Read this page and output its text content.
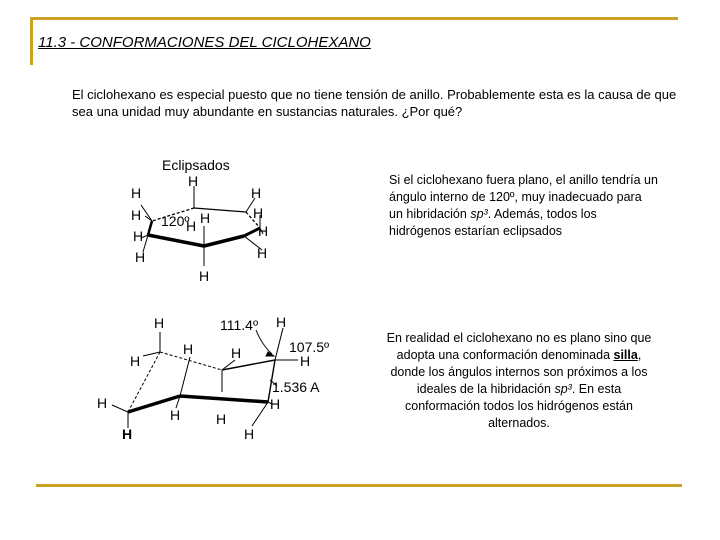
11.3 - CONFORMACIONES DEL CICLOHEXANO
El ciclohexano es especial puesto que no tiene tensión de anillo. Probablemente esta es la causa de que sea una unidad muy abundante en sustancias naturales. ¿Por qué?
Si el ciclohexano fuera plano, el anillo tendría un ángulo interno de 120º, muy inadecuado para un hibridación sp³. Además, todos los hidrógenos estarían eclipsados
En realidad el ciclohexano no es plano sino que adopta una conformación denominada silla, donde los ángulos internos son próximos a los ideales de la hibridación sp³. En esta conformación todos los hidrógenos están alternados.
Eclipsados
H
H	H
H	H
H	H
H	H
H
H
H
120º
H
H	H
H
H	H
H
H	H
H
H	H
111.4º
107.5º
1.536 A
